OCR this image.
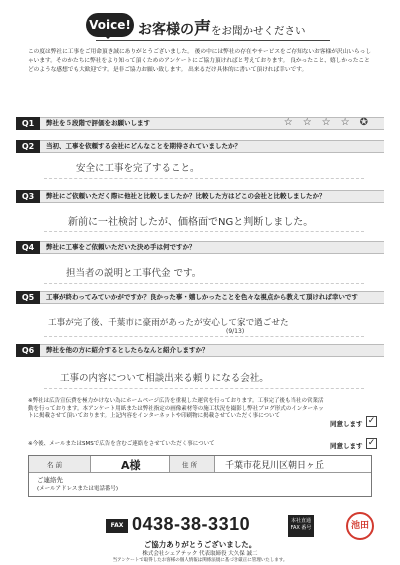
Voice! お客様の声をお聞かせください
この度は弊社に工事をご用命頂き誠にありがとうございました。 後の中には弊社の存在やサービスをご存知ないお客様が沢山いらっしゃいます。そのかたちに弊社をより知って頂くためのアンケートにご協力頂ければと考えております。 良かったこと、嬉しかったことどのような感想でも大歓迎です。是非ご協力お願い致します。 出来るだけ具体的に書いて頂ければ幸いです。
Q1	弊社を５段階で評価をお願いします	☆☆☆☆✪
Q2	当初、工事を依頼する会社にどんなことを期待されていましたか？
安全に工事を完了すること。
Q3	弊社にご依頼いただく際に他社と比較しましたか？比較した方はどこの会社と比較しましたか？
新前に一社検討したが、価格面でNGと判断しました。
Q4	弊社に工事をご依頼いただいた決め手は何ですか？
担当者の説明と工事代金 です。
Q5	工事が終わってみていかがですか？良かった事・嬉しかったことを色々な視点から教えて頂ければ幸いです
工事が完了後、千葉市に豪雨があったが安心して家で過ごせた
(9/13)
Q6	弊社を他の方に紹介するとしたらなんと紹介しますか？
工事の内容について相談出来る頼りになる会社。
※弊社は広告宣伝費を極力かけない為にホームページ広告を重視した運営を行っております。工事完了後も当社の営業活動を行っております。本アンケート用紙または弊社指定の画像素材等の施工状況を撮影し弊社ブログ形式のインターネットに掲載させて頂いております。上記内容をインターネットや印刷物に掲載させていただく事について
同意します ✓
※今後、メールまたはSMSで広告を含むご連絡をさせていただく事について	同意します ✓
名 前	A様	住 所	千葉市花見川区朝日ヶ丘
ご連絡先
(メールアドレスまたは電話番号)
FAX 0438-38-3310	本社直通
FAX 番号	池田
ご協力ありがとうございました。
株式会社シェアテック 代表取締役 大久保 誠二
当アンケートで取得したお客様の個人情報は関係法規に基づき厳正に管理いたします。
